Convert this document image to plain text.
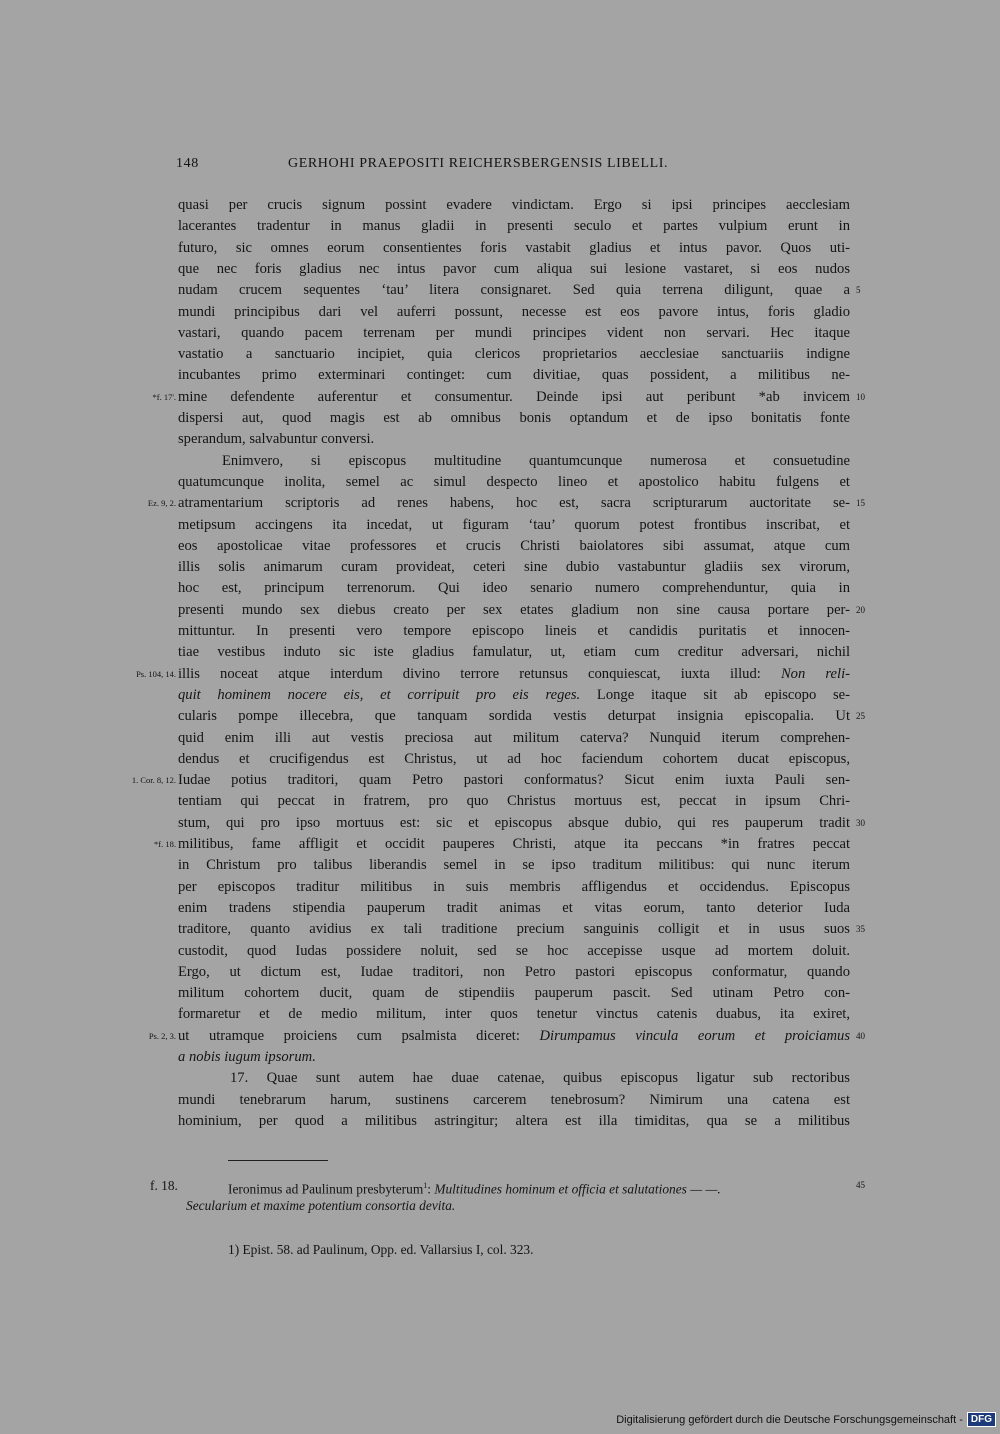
148	GERHOHI PRAEPOSITI REICHERSBERGENSIS LIBELLI.
quasi per crucis signum possint evadere vindictam. Ergo si ipsi principes aecclesiam
lacerantes tradentur in manus gladii in presenti seculo et partes vulpium erunt in
futuro, sic omnes eorum consentientes foris vastabit gladius et intus pavor. Quos uti-
que nec foris gladius nec intus pavor cum aliqua sui lesione vastaret, si eos nudos
nudam crucem sequentes ‘tau’ litera consignaret. Sed quia terrena diligunt, quae a 5
mundi principibus dari vel auferri possunt, necesse est eos pavore intus, foris gladio
vastari, quando pacem terrenam per mundi principes vident non servari. Hec itaque
vastatio a sanctuario incipiet, quia clericos proprietarios aecclesiae sanctuariis indigne
incubantes primo exterminari continget: cum divitiae, quas possident, a militibus ne-
mine defendente auferentur et consumentur. Deinde ipsi aut peribunt *ab invicem
*f. 17'.	10
dispersi aut, quod magis est ab omnibus bonis optandum et de ipso bonitatis fonte
sperandum, salvabuntur conversi.
Enimvero, si episcopus multitudine quantumcunque numerosa et consuetudine
quatumcunque inolita, semel ac simul despecto lineo et apostolico habitu fulgens et
atramentarium scriptoris ad renes habens, hoc est, sacra scripturarum auctoritate se-
Ez. 9, 2.	15
metipsum accingens ita incedat, ut figuram ‘tau’ quorum potest frontibus inscribat, et
eos apostolicae vitae professores et crucis Christi baiolatores sibi assumat, atque cum
illis solis animarum curam provideat, ceteri sine dubio vastabuntur gladiis sex virorum,
hoc est, principum terrenorum. Qui ideo senario numero comprehenduntur, quia in
presenti mundo sex diebus creato per sex etates gladium non sine causa portare per- 20
mittuntur. In presenti vero tempore episcopo lineis et candidis puritatis et innocen-
tiae vestibus induto sic iste gladius famulatur, ut, etiam cum creditur adversari, nichil
illis noceat atque interdum divino terrore retunsus conquiescat, iuxta illud: Non reli-
Ps. 104, 14.
quit hominem nocere eis, et corripuit pro eis reges. Longe itaque sit ab episcopo se-
cularis pompe illecebra, que tanquam sordida vestis deturpat insignia episcopalia. Ut 25
quid enim illi aut vestis preciosa aut militum caterva? Nunquid iterum comprehen-
dendus et crucifigendus est Christus, ut ad hoc faciendum cohortem ducat episcopus,
Iudae potius traditori, quam Petro pastori conformatus? Sicut enim iuxta Pauli sen-
1. Cor. 8, 12.
tentiam qui peccat in fratrem, pro quo Christus mortuus est, peccat in ipsum Chri-
stum, qui pro ipso mortuus est: sic et episcopus absque dubio, qui res pauperum tradit 30
militibus, fame affligit et occidit pauperes Christi, atque ita peccans *in fratres peccat
*f. 18.
in Christum pro talibus liberandis semel in se ipso traditum militibus: qui nunc iterum
per episcopos traditur militibus in suis membris affligendus et occidendus. Episcopus
enim tradens stipendia pauperum tradit animas et vitas eorum, tanto deterior Iuda
traditore, quanto avidius ex tali traditione precium sanguinis colligit et in usus suos 35
custodit, quod Iudas possidere noluit, sed se hoc accepisse usque ad mortem doluit.
Ergo, ut dictum est, Iudae traditori, non Petro pastori episcopus conformatur, quando
militum cohortem ducit, quam de stipendiis pauperum pascit. Sed utinam Petro con-
formaretur et de medio militum, inter quos tenetur vinctus catenis duabus, ita exiret,
ut utramque proiciens cum psalmista diceret: Dirumpamus vincula eorum et proiciamus
Ps. 2, 3.	40
a nobis iugum ipsorum.
17. Quae sunt autem hae duae catenae, quibus episcopus ligatur sub rectoribus
mundi tenebrarum harum, sustinens carcerem tenebrosum? Nimirum una catena est
hominium, per quod a militibus astringitur; altera est illa timiditas, qua se a militibus
f. 18.	Ieronimus ad Paulinum presbyterum$^1$: Multitudines hominum et officia et salutationes — —.	45
Secularium et maxime potentium consortia devita.
1) Epist. 58. ad Paulinum, Opp. ed. Vallarsius I, col. 323.
Digitalisierung gefördert durch die Deutsche Forschungsgemeinschaft - DFG
